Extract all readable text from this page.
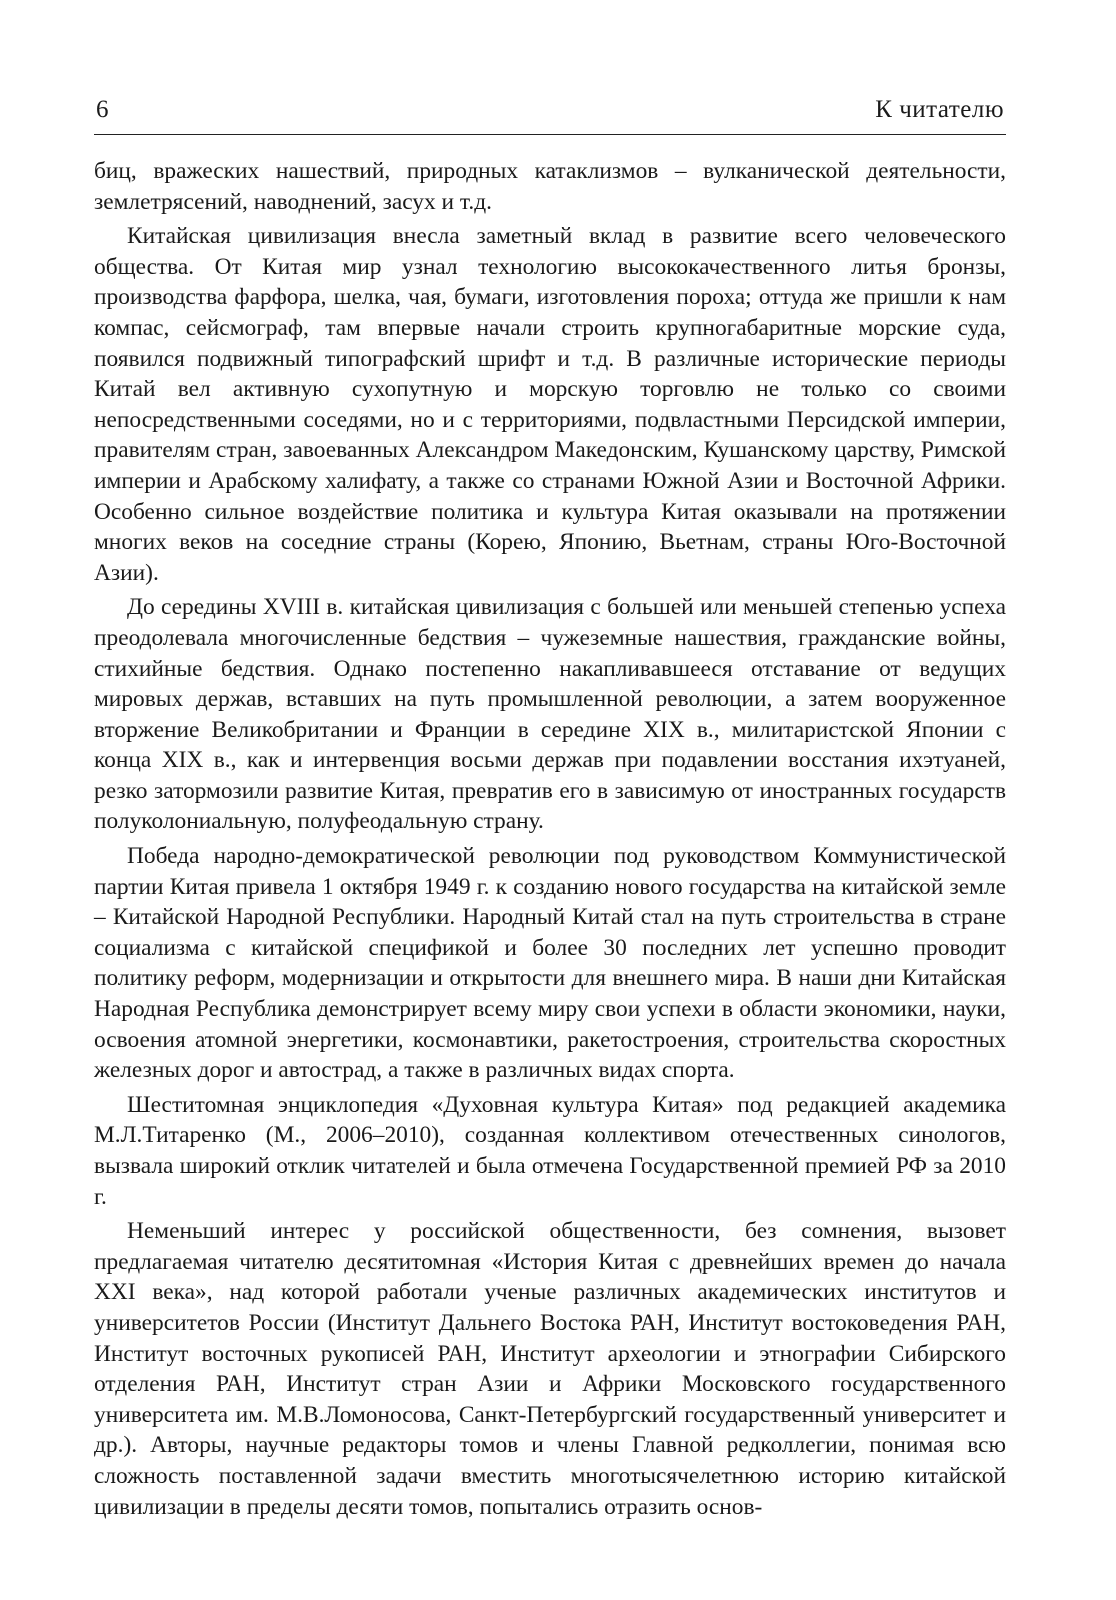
6	К читателю

биц, вражеских нашествий, природных катаклизмов – вулканической деятельности, землетрясений, наводнений, засух и т.д.

Китайская цивилизация внесла заметный вклад в развитие всего человеческого общества. От Китая мир узнал технологию высококачественного литья бронзы, производства фарфора, шелка, чая, бумаги, изготовления пороха; оттуда же пришли к нам компас, сейсмограф, там впервые начали строить крупногабаритные морские суда, появился подвижный типографский шрифт и т.д. В различные исторические периоды Китай вел активную сухопутную и морскую торговлю не только со своими непосредственными соседями, но и с территориями, подвластными Персидской империи, правителям стран, завоеванных Александром Македонским, Кушанскому царству, Римской империи и Арабскому халифату, а также со странами Южной Азии и Восточной Африки. Особенно сильное воздействие политика и культура Китая оказывали на протяжении многих веков на соседние страны (Корею, Японию, Вьетнам, страны Юго-Восточной Азии).

До середины XVIII в. китайская цивилизация с большей или меньшей степенью успеха преодолевала многочисленные бедствия – чужеземные нашествия, гражданские войны, стихийные бедствия. Однако постепенно накапливавшееся отставание от ведущих мировых держав, вставших на путь промышленной революции, а затем вооруженное вторжение Великобритании и Франции в середине XIX в., милитаристской Японии с конца XIX в., как и интервенция восьми держав при подавлении восстания ихэтуаней, резко затормозили развитие Китая, превратив его в зависимую от иностранных государств полуколониальную, полуфеодальную страну.

Победа народно-демократической революции под руководством Коммунистической партии Китая привела 1 октября 1949 г. к созданию нового государства на китайской земле – Китайской Народной Республики. Народный Китай стал на путь строительства в стране социализма с китайской спецификой и более 30 последних лет успешно проводит политику реформ, модернизации и открытости для внешнего мира. В наши дни Китайская Народная Республика демонстрирует всему миру свои успехи в области экономики, науки, освоения атомной энергетики, космонавтики, ракетостроения, строительства скоростных железных дорог и автострад, а также в различных видах спорта.

Шеститомная энциклопедия «Духовная культура Китая» под редакцией академика М.Л.Титаренко (М., 2006–2010), созданная коллективом отечественных синологов, вызвала широкий отклик читателей и была отмечена Государственной премией РФ за 2010 г.

Неменьший интерес у российской общественности, без сомнения, вызовет предлагаемая читателю десятитомная «История Китая с древнейших времен до начала XXI века», над которой работали ученые различных академических институтов и университетов России (Институт Дальнего Востока РАН, Институт востоковедения РАН, Институт восточных рукописей РАН, Институт археологии и этнографии Сибирского отделения РАН, Институт стран Азии и Африки Московского государственного университета им. М.В.Ломоносова, Санкт-Петербургский государственный университет и др.). Авторы, научные редакторы томов и члены Главной редколлегии, понимая всю сложность поставленной задачи вместить многотысячелетнюю историю китайской цивилизации в пределы десяти томов, попытались отразить основ-
